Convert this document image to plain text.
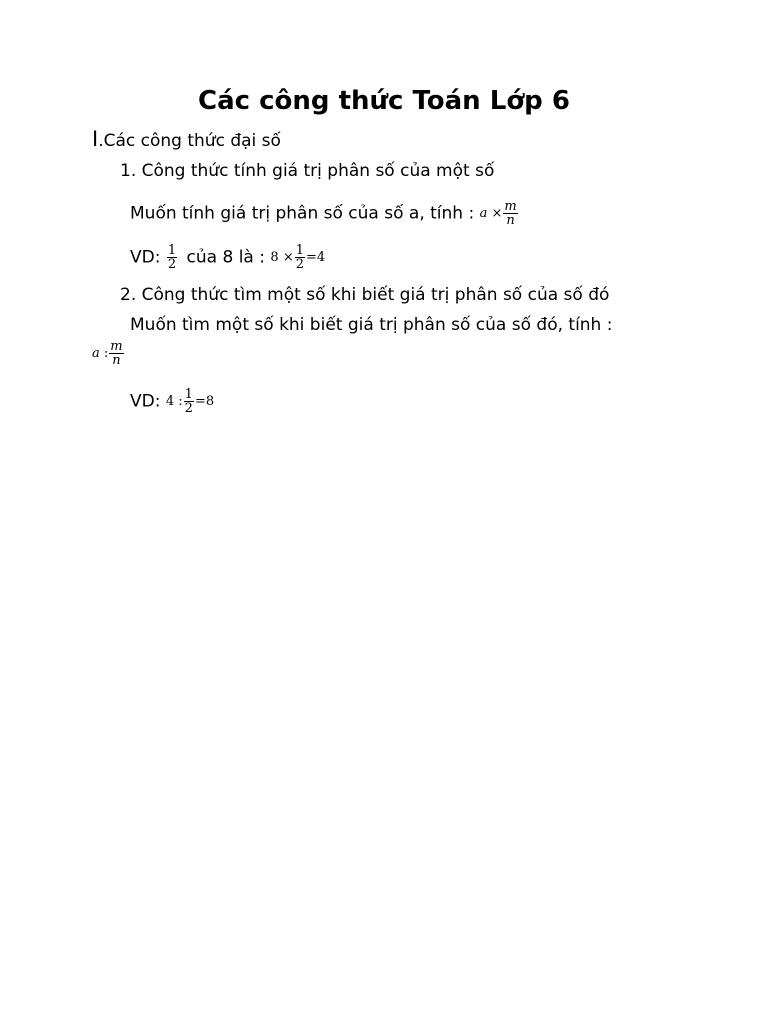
Các công thức Toán Lớp 6
I.Các công thức đại số
1. Công thức tính giá trị phân số của một số
Muốn tính giá trị phân số của số a, tính : $a \times \frac{m}{n}$
VD: $\frac{1}{2}$ của 8 là : $8 \times \frac{1}{2} =4$
2. Công thức tìm một số khi biết giá trị phân số của số đó
Muốn tìm một số khi biết giá trị phân số của số đó, tính :
a : $\frac{m}{n}$
VD: 4 : $\frac{1}{2} =8$
